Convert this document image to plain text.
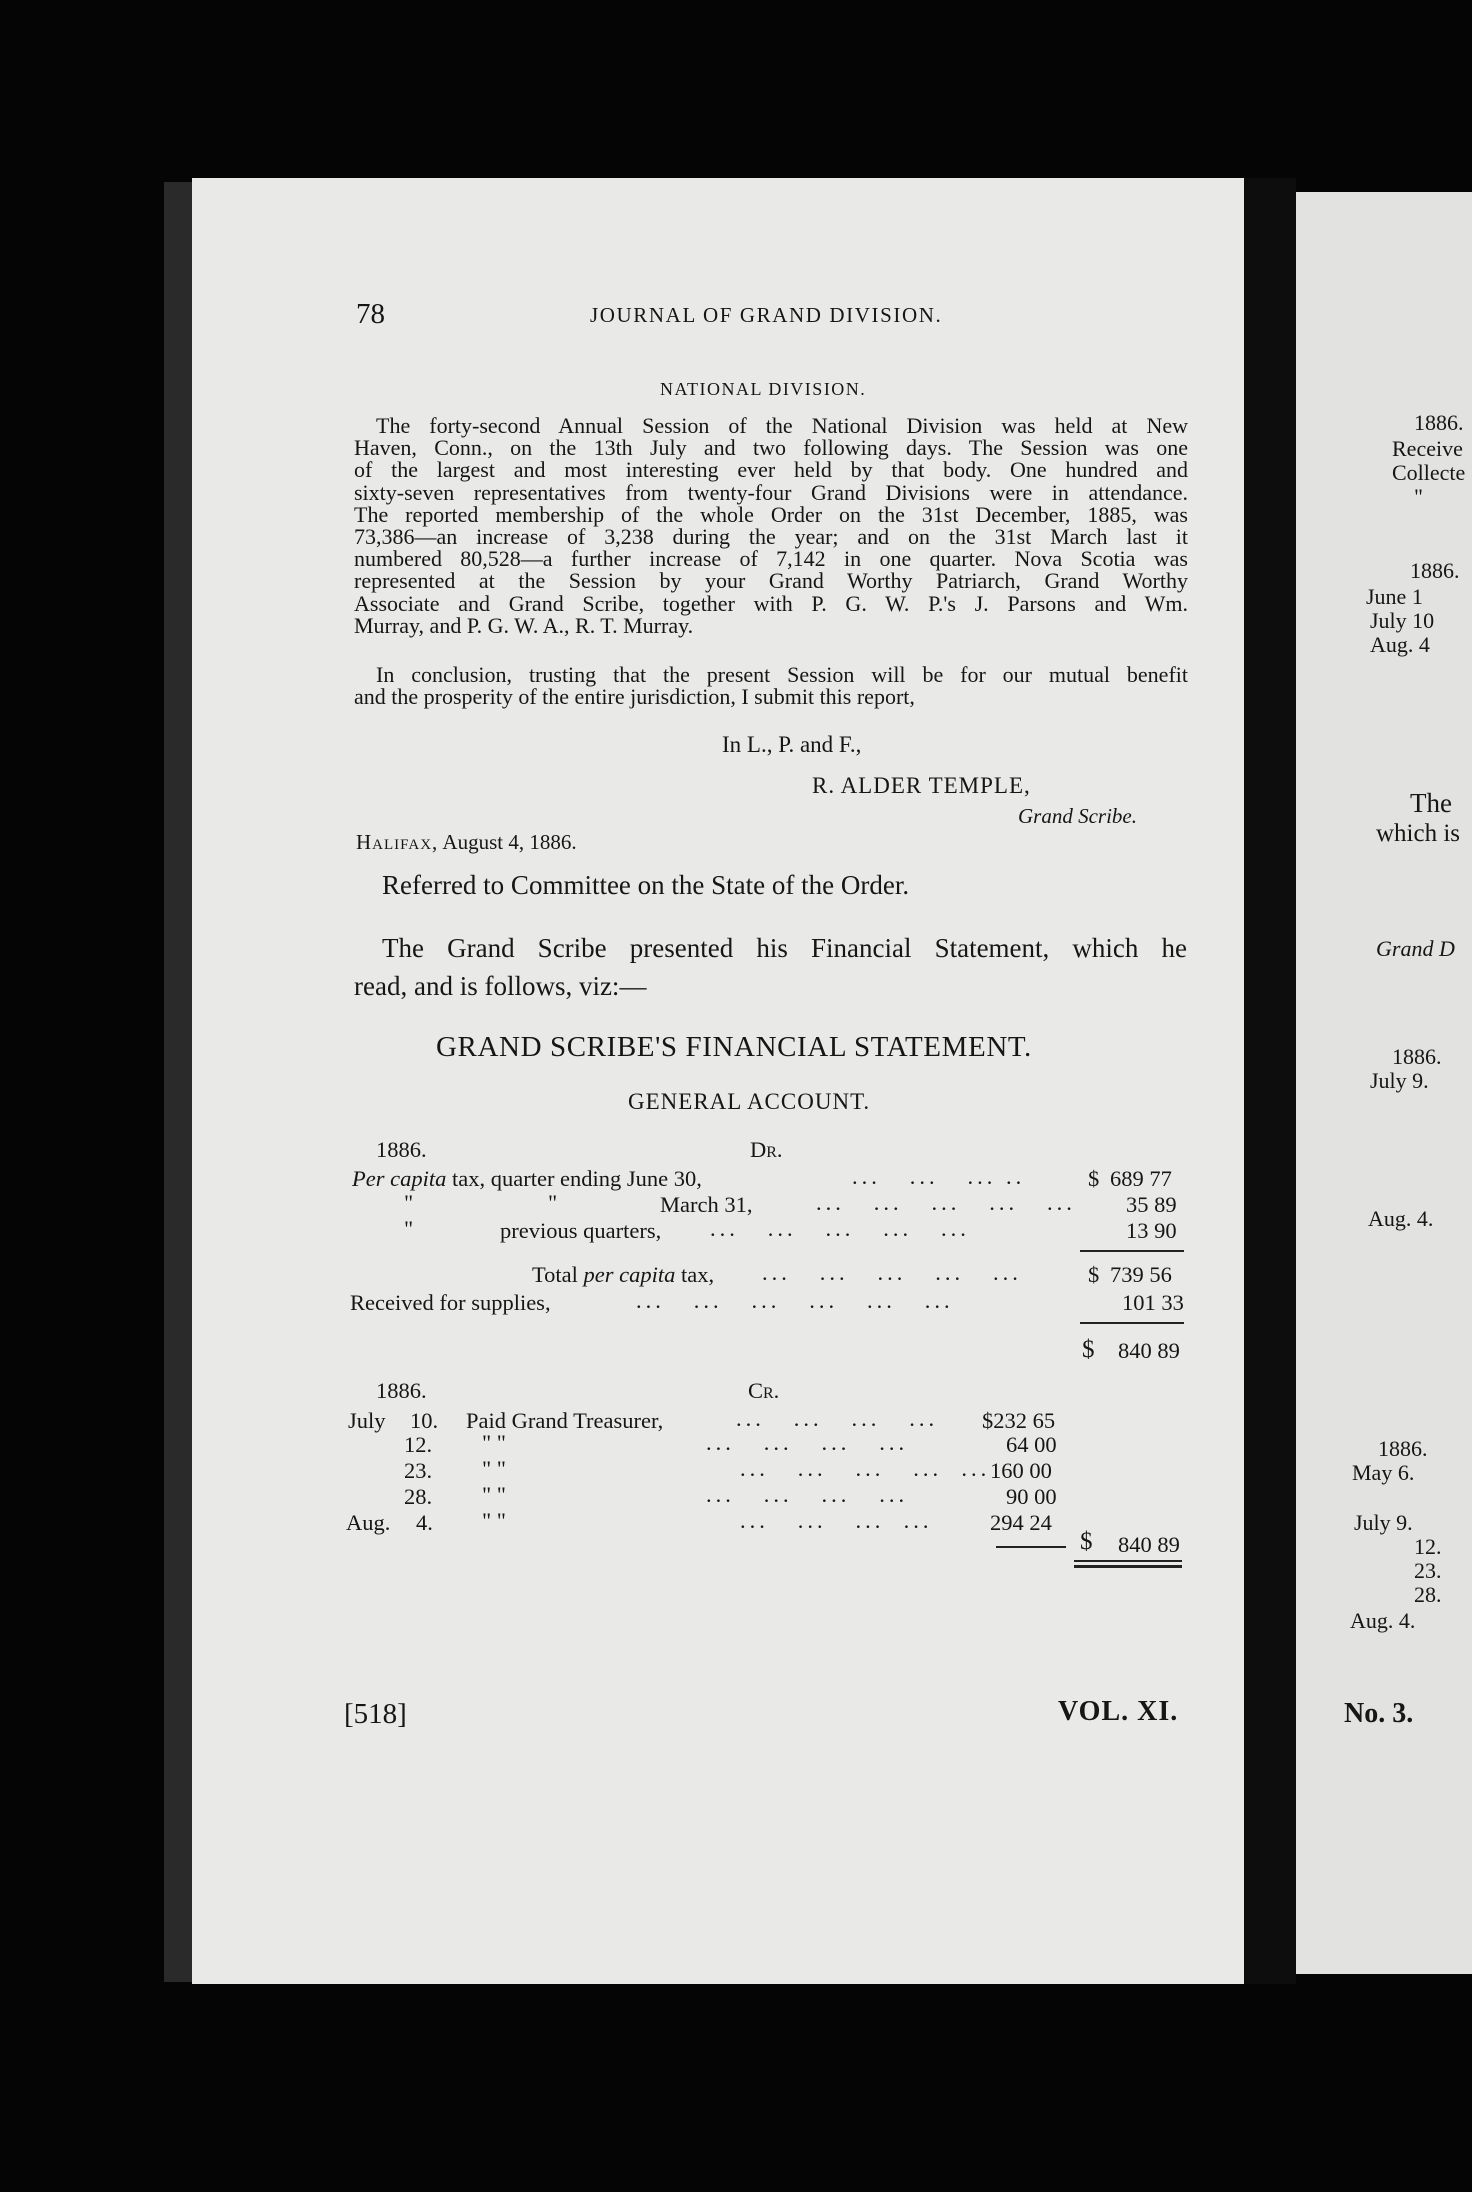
78	JOURNAL OF GRAND DIVISION.
NATIONAL DIVISION.
The forty-second Annual Session of the National Division was held at New
Haven, Conn., on the 13th July and two following days. The Session was one
of the largest and most interesting ever held by that body. One hundred and
sixty-seven representatives from twenty-four Grand Divisions were in attendance.
The reported membership of the whole Order on the 31st December, 1885, was
73,386—an increase of 3,238 during the year; and on the 31st March last it
numbered 80,528—a further increase of 7,142 in one quarter. Nova Scotia was
represented at the Session by your Grand Worthy Patriarch, Grand Worthy
Associate and Grand Scribe, together with P. G. W. P.'s J. Parsons and Wm.
Murray, and P. G. W. A., R. T. Murray.
In conclusion, trusting that the present Session will be for our mutual benefit
and the prosperity of the entire jurisdiction, I submit this report,
In L., P. and F.,
R. ALDER TEMPLE,
Grand Scribe.
Halifax, August 4, 1886.
Referred to Committee on the State of the Order.
The Grand Scribe presented his Financial Statement, which he
read, and is follows, viz:—
GRAND SCRIBE'S FINANCIAL STATEMENT.
GENERAL ACCOUNT.
1886.	Dr.
Per capita tax, quarter ending June 30,	...   ...   ... ..	$ 689 77
"	"	March 31,	...   ...   ...   ...   ... 35 89
"	previous quarters, ...   ...   ...   ...   ...	13 90
Total per capita tax, ...   ...   ...   ...   ...	$ 739 56
Received for supplies,	...   ...   ...   ...   ...   ...	101 33
$ 840 89
1886.	Cr.
July 10. Paid Grand Treasurer,	...   ...   ...   ... $232 65
12. " "	...   ...   ...   ...	64 00
23. " "	...   ...   ...   ...  ... 160 00
28. " "	...   ...   ...   ...	90 00
Aug. 4. " "	...   ...   ...  ...	294 24
$ 840 89
[518]	VOL. XI.
1886.
Receive
Collecte
"
1886.
June 1
July 10
Aug. 4
The
which is
Grand D
1886.
July 9.
Aug. 4.
1886.
May 6.
July 9.
12.
23.
28.
Aug. 4.
No. 3.
